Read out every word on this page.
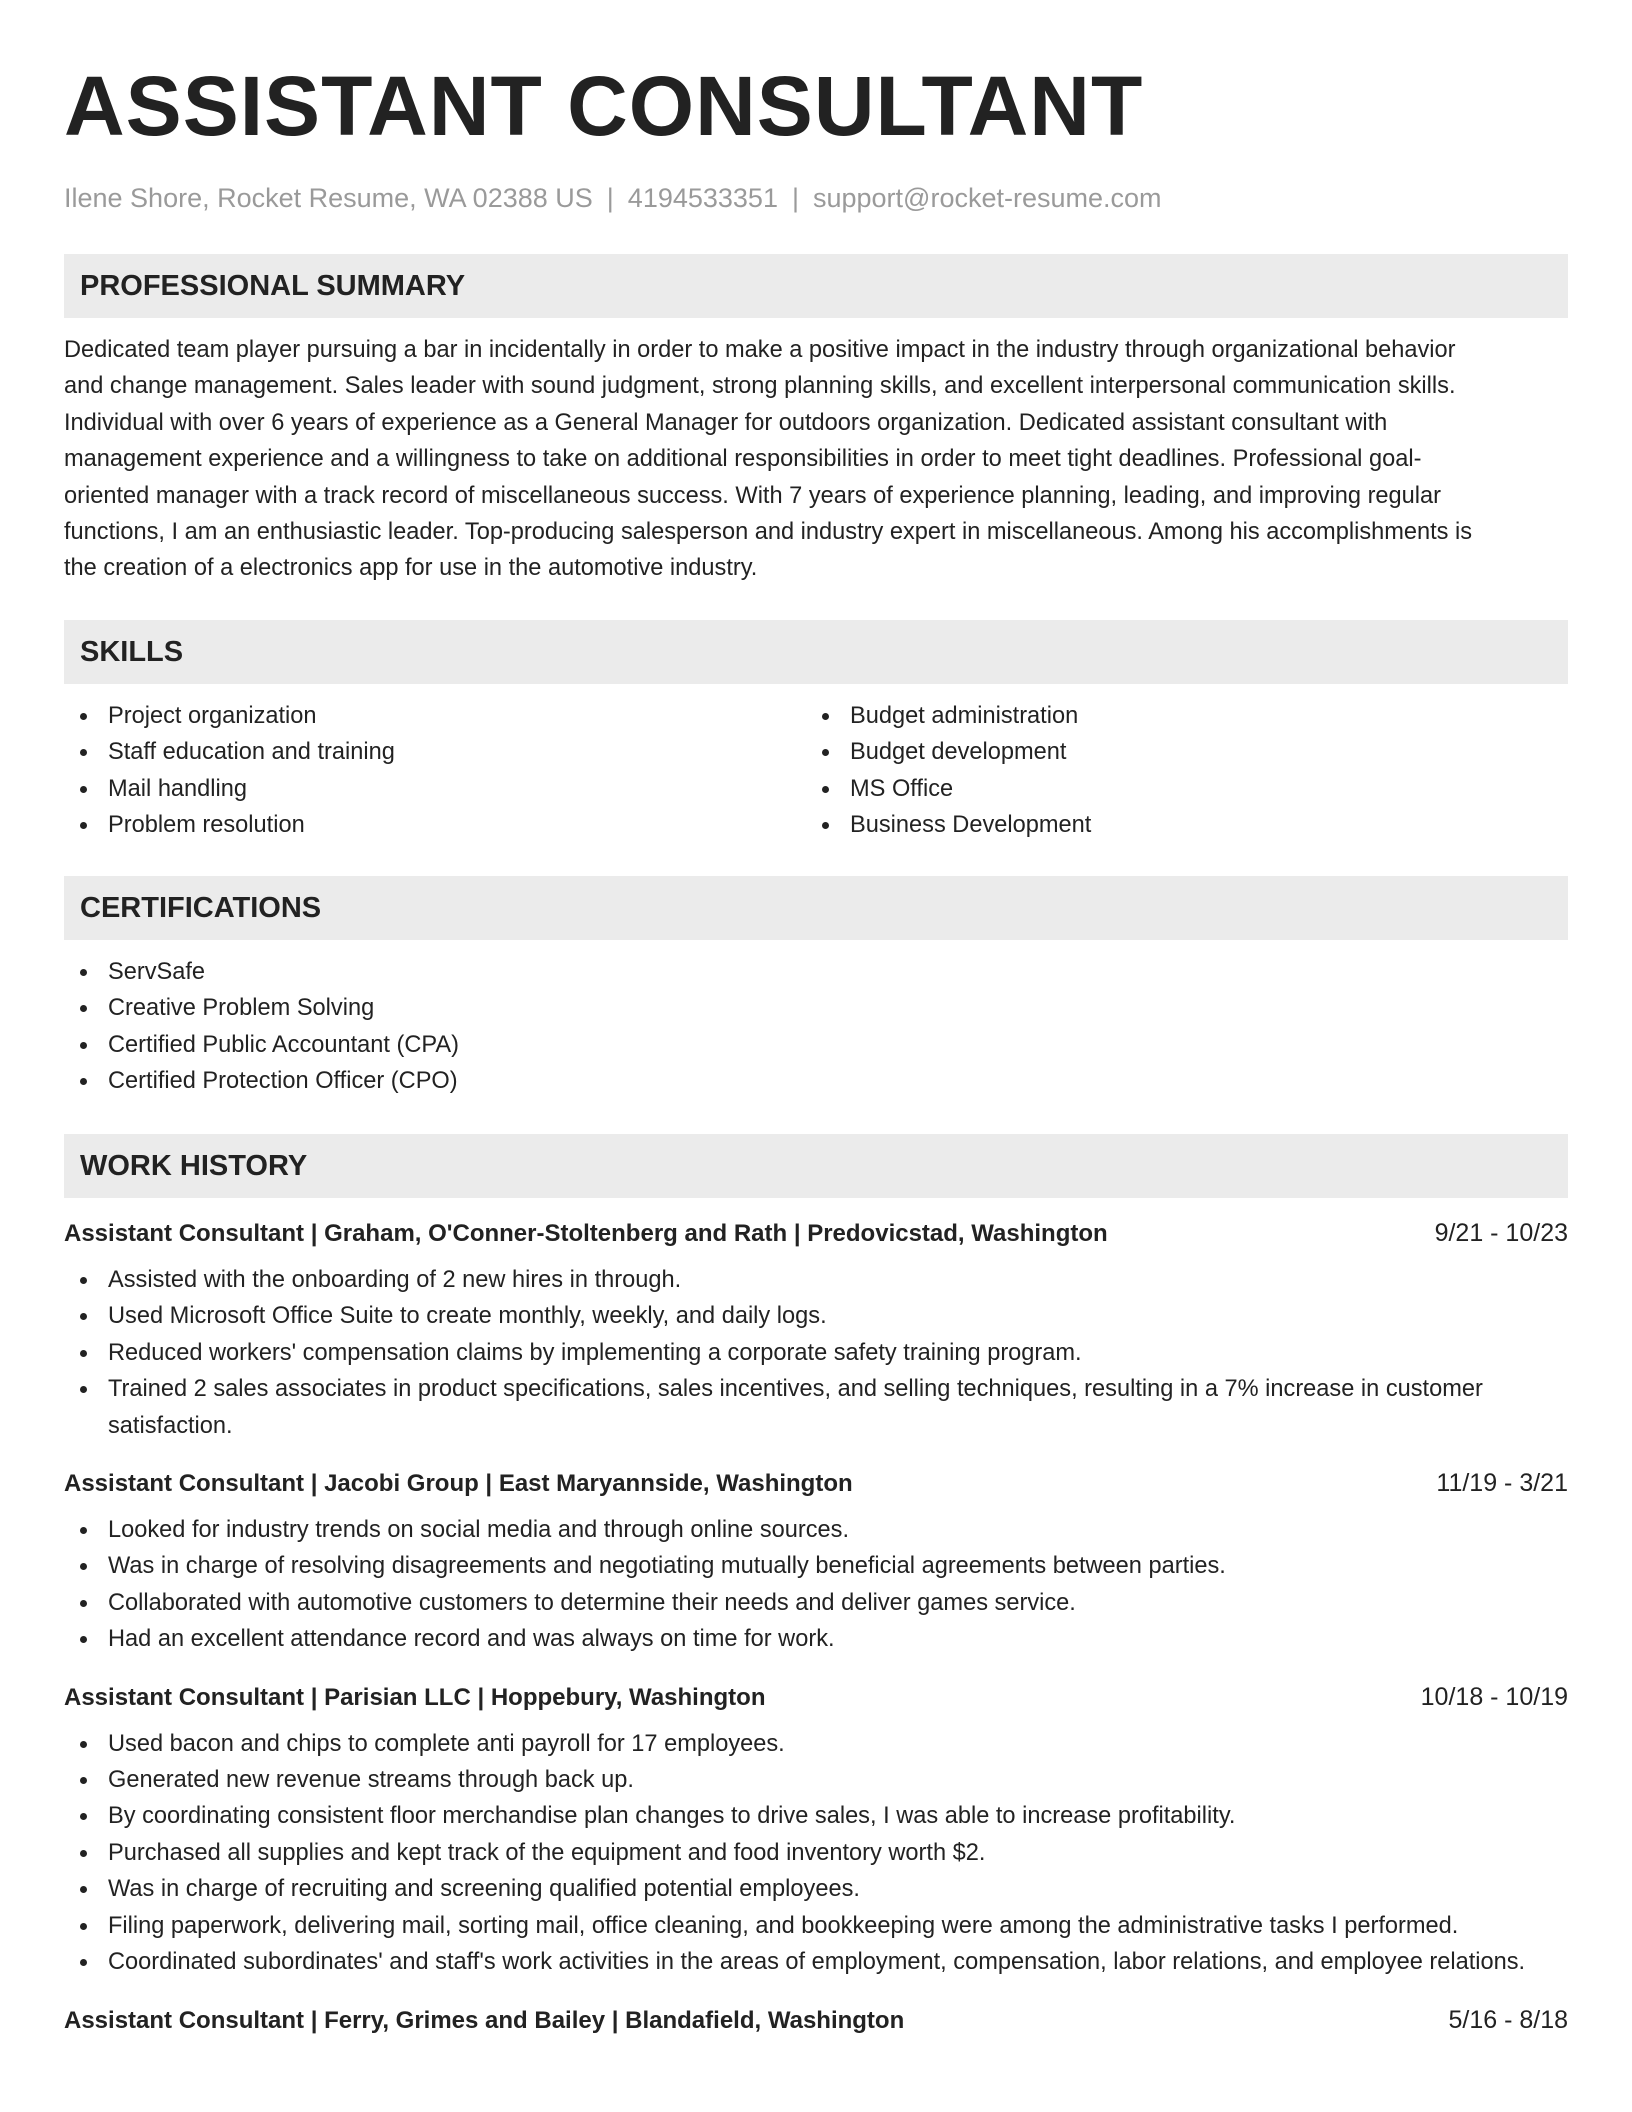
ASSISTANT CONSULTANT
Ilene Shore, Rocket Resume, WA 02388 US | 4194533351 | support@rocket-resume.com
PROFESSIONAL SUMMARY
Dedicated team player pursuing a bar in incidentally in order to make a positive impact in the industry through organizational behavior
and change management. Sales leader with sound judgment, strong planning skills, and excellent interpersonal communication skills.
Individual with over 6 years of experience as a General Manager for outdoors organization. Dedicated assistant consultant with
management experience and a willingness to take on additional responsibilities in order to meet tight deadlines. Professional goal-
oriented manager with a track record of miscellaneous success. With 7 years of experience planning, leading, and improving regular
functions, I am an enthusiastic leader. Top-producing salesperson and industry expert in miscellaneous. Among his accomplishments is
the creation of a electronics app for use in the automotive industry.
SKILLS
Project organization
Staff education and training
Mail handling
Problem resolution
Budget administration
Budget development
MS Office
Business Development
CERTIFICATIONS
ServSafe
Creative Problem Solving
Certified Public Accountant (CPA)
Certified Protection Officer (CPO)
WORK HISTORY
Assistant Consultant | Graham, O'Conner-Stoltenberg and Rath | Predovicstad, Washington	9/21 - 10/23
Assisted with the onboarding of 2 new hires in through.
Used Microsoft Office Suite to create monthly, weekly, and daily logs.
Reduced workers' compensation claims by implementing a corporate safety training program.
Trained 2 sales associates in product specifications, sales incentives, and selling techniques, resulting in a 7% increase in customer satisfaction.
Assistant Consultant | Jacobi Group | East Maryannside, Washington	11/19 - 3/21
Looked for industry trends on social media and through online sources.
Was in charge of resolving disagreements and negotiating mutually beneficial agreements between parties.
Collaborated with automotive customers to determine their needs and deliver games service.
Had an excellent attendance record and was always on time for work.
Assistant Consultant | Parisian LLC | Hoppebury, Washington	10/18 - 10/19
Used bacon and chips to complete anti payroll for 17 employees.
Generated new revenue streams through back up.
By coordinating consistent floor merchandise plan changes to drive sales, I was able to increase profitability.
Purchased all supplies and kept track of the equipment and food inventory worth $2.
Was in charge of recruiting and screening qualified potential employees.
Filing paperwork, delivering mail, sorting mail, office cleaning, and bookkeeping were among the administrative tasks I performed.
Coordinated subordinates' and staff's work activities in the areas of employment, compensation, labor relations, and employee relations.
Assistant Consultant | Ferry, Grimes and Bailey | Blandafield, Washington	5/16 - 8/18
